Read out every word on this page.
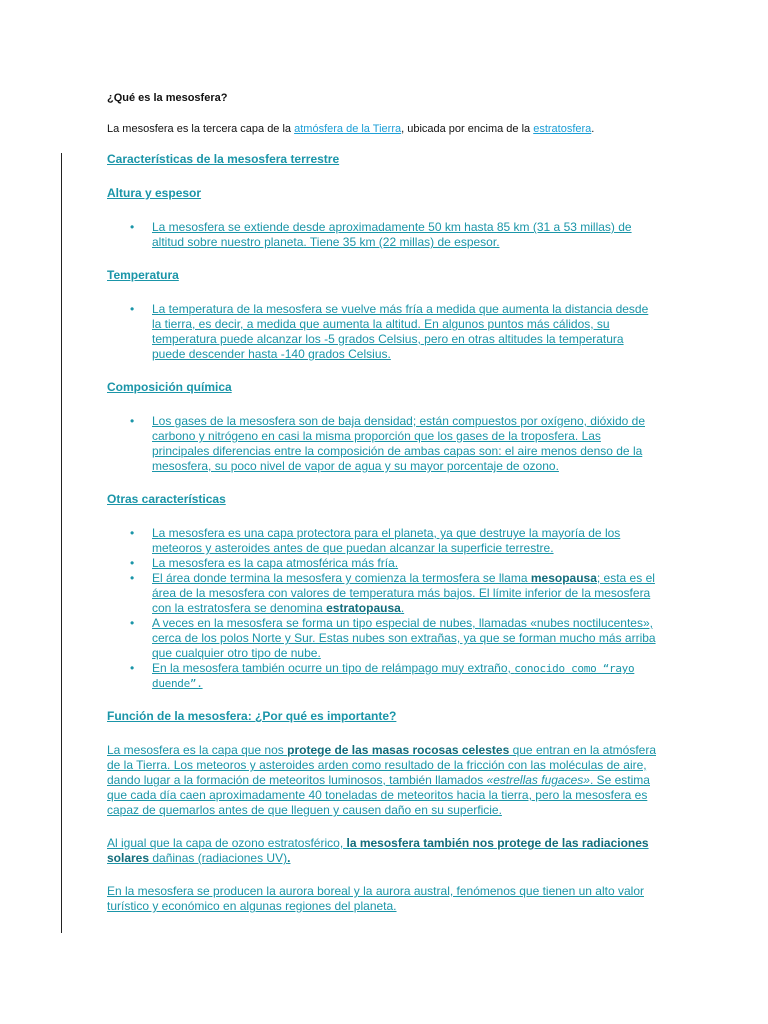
¿Qué es la mesosfera?

La mesosfera es la tercera capa de la atmósfera de la Tierra, ubicada por encima de la estratosfera.

Características de la mesosfera terrestre
Altura y espesor
• La mesosfera se extiende desde aproximadamente 50 km hasta 85 km (31 a 53 millas) de altitud sobre nuestro planeta. Tiene 35 km (22 millas) de espesor.
Temperatura
• La temperatura de la mesosfera se vuelve más fría a medida que aumenta la distancia desde la tierra, es decir, a medida que aumenta la altitud. En algunos puntos más cálidos, su temperatura puede alcanzar los -5 grados Celsius, pero en otras altitudes la temperatura puede descender hasta -140 grados Celsius.
Composición química
• Los gases de la mesosfera son de baja densidad; están compuestos por oxígeno, dióxido de carbono y nitrógeno en casi la misma proporción que los gases de la troposfera. Las principales diferencias entre la composición de ambas capas son: el aire menos denso de la mesosfera, su poco nivel de vapor de agua y su mayor porcentaje de ozono.
Otras características
• La mesosfera es una capa protectora para el planeta, ya que destruye la mayoría de los meteoros y asteroides antes de que puedan alcanzar la superficie terrestre.
• La mesosfera es la capa atmosférica más fría.
• El área donde termina la mesosfera y comienza la termosfera se llama mesopausa; esta es el área de la mesosfera con valores de temperatura más bajos. El límite inferior de la mesosfera con la estratosfera se denomina estratopausa.
• A veces en la mesosfera se forma un tipo especial de nubes, llamadas «nubes noctilucentes», cerca de los polos Norte y Sur. Estas nubes son extrañas, ya que se forman mucho más arriba que cualquier otro tipo de nube.
• En la mesosfera también ocurre un tipo de relámpago muy extraño, conocido como “rayo duende”.
Función de la mesosfera: ¿Por qué es importante?

La mesosfera es la capa que nos protege de las masas rocosas celestes que entran en la atmósfera de la Tierra. Los meteoros y asteroides arden como resultado de la fricción con las moléculas de aire, dando lugar a la formación de meteoritos luminosos, también llamados «estrellas fugaces». Se estima que cada día caen aproximadamente 40 toneladas de meteoritos hacia la tierra, pero la mesosfera es capaz de quemarlos antes de que lleguen y causen daño en su superficie.

Al igual que la capa de ozono estratosférico, la mesosfera también nos protege de las radiaciones solares dañinas (radiaciones UV).

En la mesosfera se producen la aurora boreal y la aurora austral, fenómenos que tienen un alto valor turístico y económico en algunas regiones del planeta.
